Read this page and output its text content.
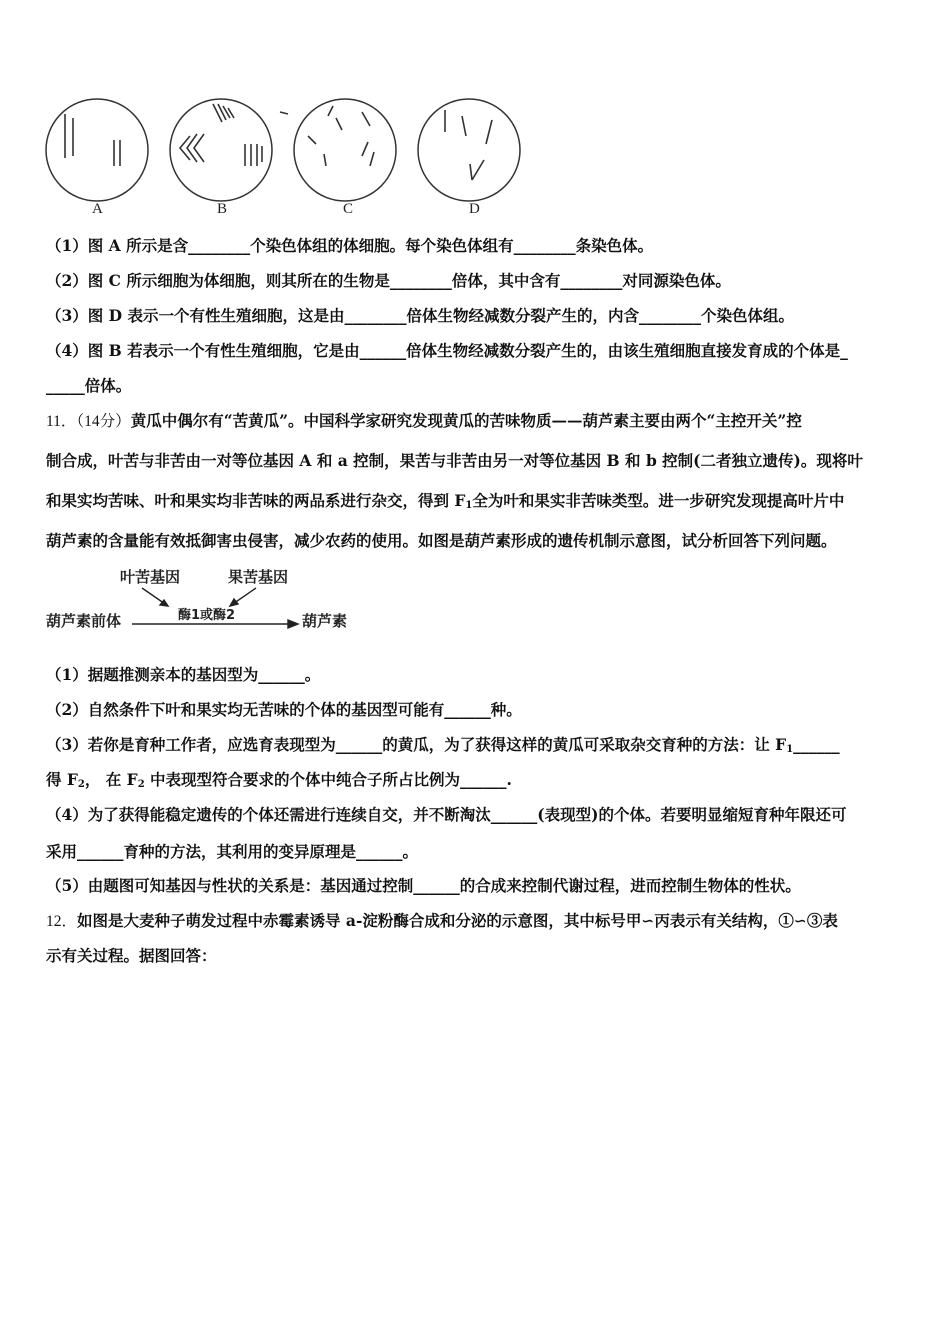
A	B	C	D
（1）图 A 所示是含________个染色体组的体细胞。每个染色体组有________条染色体。
（2）图 C 所示细胞为体细胞，则其所在的生物是________倍体，其中含有________对同源染色体。
（3）图 D 表示一个有性生殖细胞，这是由________倍体生物经减数分裂产生的，内含________个染色体组。
（4）图 B 若表示一个有性生殖细胞，它是由______倍体生物经减数分裂产生的，由该生殖细胞直接发育成的个体是_
_____倍体。
11．（14分）黄瓜中偶尔有“苦黄瓜”。中国科学家研究发现黄瓜的苦味物质——葫芦素主要由两个“主控开关”控
制合成，叶苦与非苦由一对等位基因 A 和 a 控制，果苦与非苦由另一对等位基因 B 和 b 控制(二者独立遗传)。现将叶
和果实均苦味、叶和果实均非苦味的两品系进行杂交，得到 $F_1$全为叶和果实非苦味类型。进一步研究发现提高叶片中
葫芦素的含量能有效抵御害虫侵害，减少农药的使用。如图是葫芦素形成的遗传机制示意图，试分析回答下列问题。
叶苦基因	果苦基因
酶1或酶2
葫芦素前体	葫芦素
（1）据题推测亲本的基因型为______。
（2）自然条件下叶和果实均无苦味的个体的基因型可能有______种。
（3）若你是育种工作者，应选育表现型为______的黄瓜，为了获得这样的黄瓜可采取杂交育种的方法：让 $F_1\_\_\_\_\_\_$
得 $F_2$， 在 $F_2$ 中表现型符合要求的个体中纯合子所占比例为______.
（4）为了获得能稳定遗传的个体还需进行连续自交，并不断淘汰______(表现型)的个体。若要明显缩短育种年限还可
采用______育种的方法，其利用的变异原理是______。
（5）由题图可知基因与性状的关系是：基因通过控制______的合成来控制代谢过程，进而控制生物体的性状。
12．如图是大麦种子萌发过程中赤霉素诱导 a-淀粉酶合成和分泌的示意图，其中标号甲∽丙表示有关结构，①∽③表
示有关过程。据图回答：
